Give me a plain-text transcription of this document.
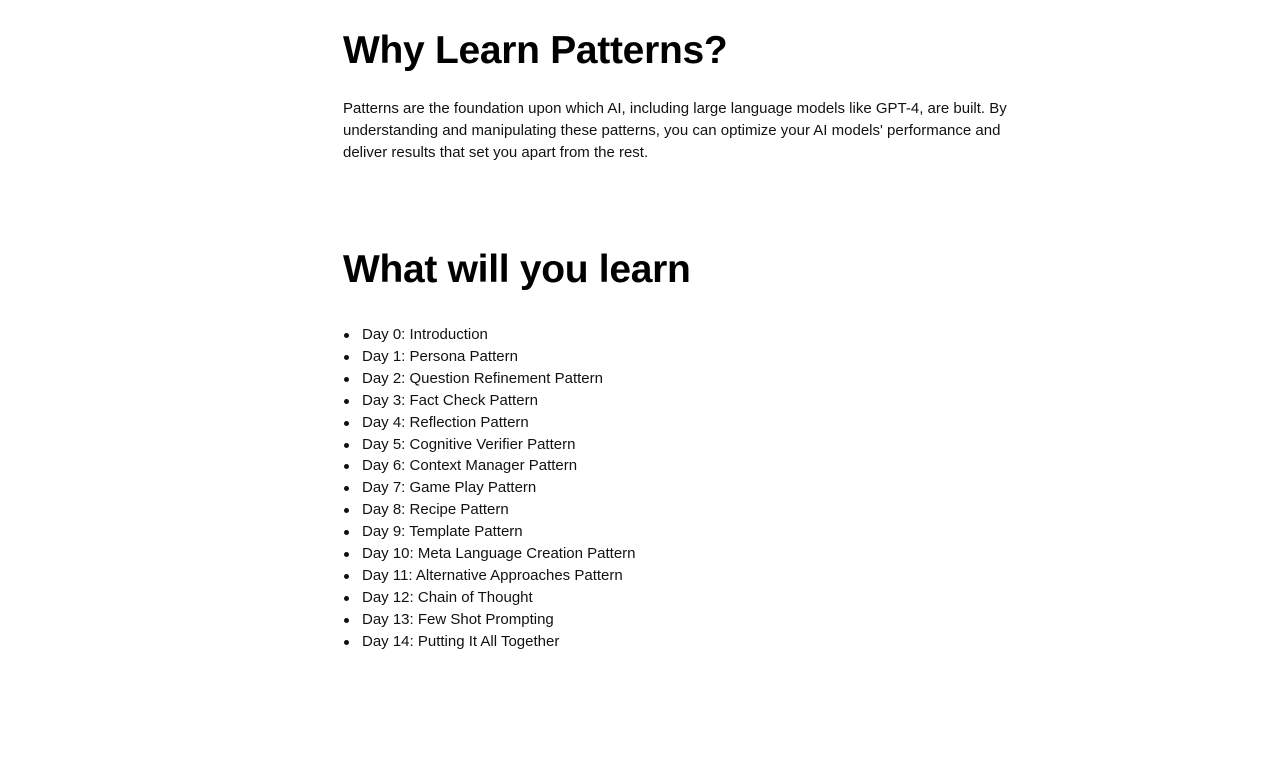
Why Learn Patterns?

Patterns are the foundation upon which AI, including large language models like GPT-4, are built. By understanding and manipulating these patterns, you can optimize your AI models' performance and deliver results that set you apart from the rest.

What will you learn
Day 0: Introduction
Day 1: Persona Pattern
Day 2: Question Refinement Pattern
Day 3: Fact Check Pattern
Day 4: Reflection Pattern
Day 5: Cognitive Verifier Pattern
Day 6: Context Manager Pattern
Day 7: Game Play Pattern
Day 8: Recipe Pattern
Day 9: Template Pattern
Day 10: Meta Language Creation Pattern
Day 11: Alternative Approaches Pattern
Day 12: Chain of Thought
Day 13: Few Shot Prompting
Day 14: Putting It All Together
